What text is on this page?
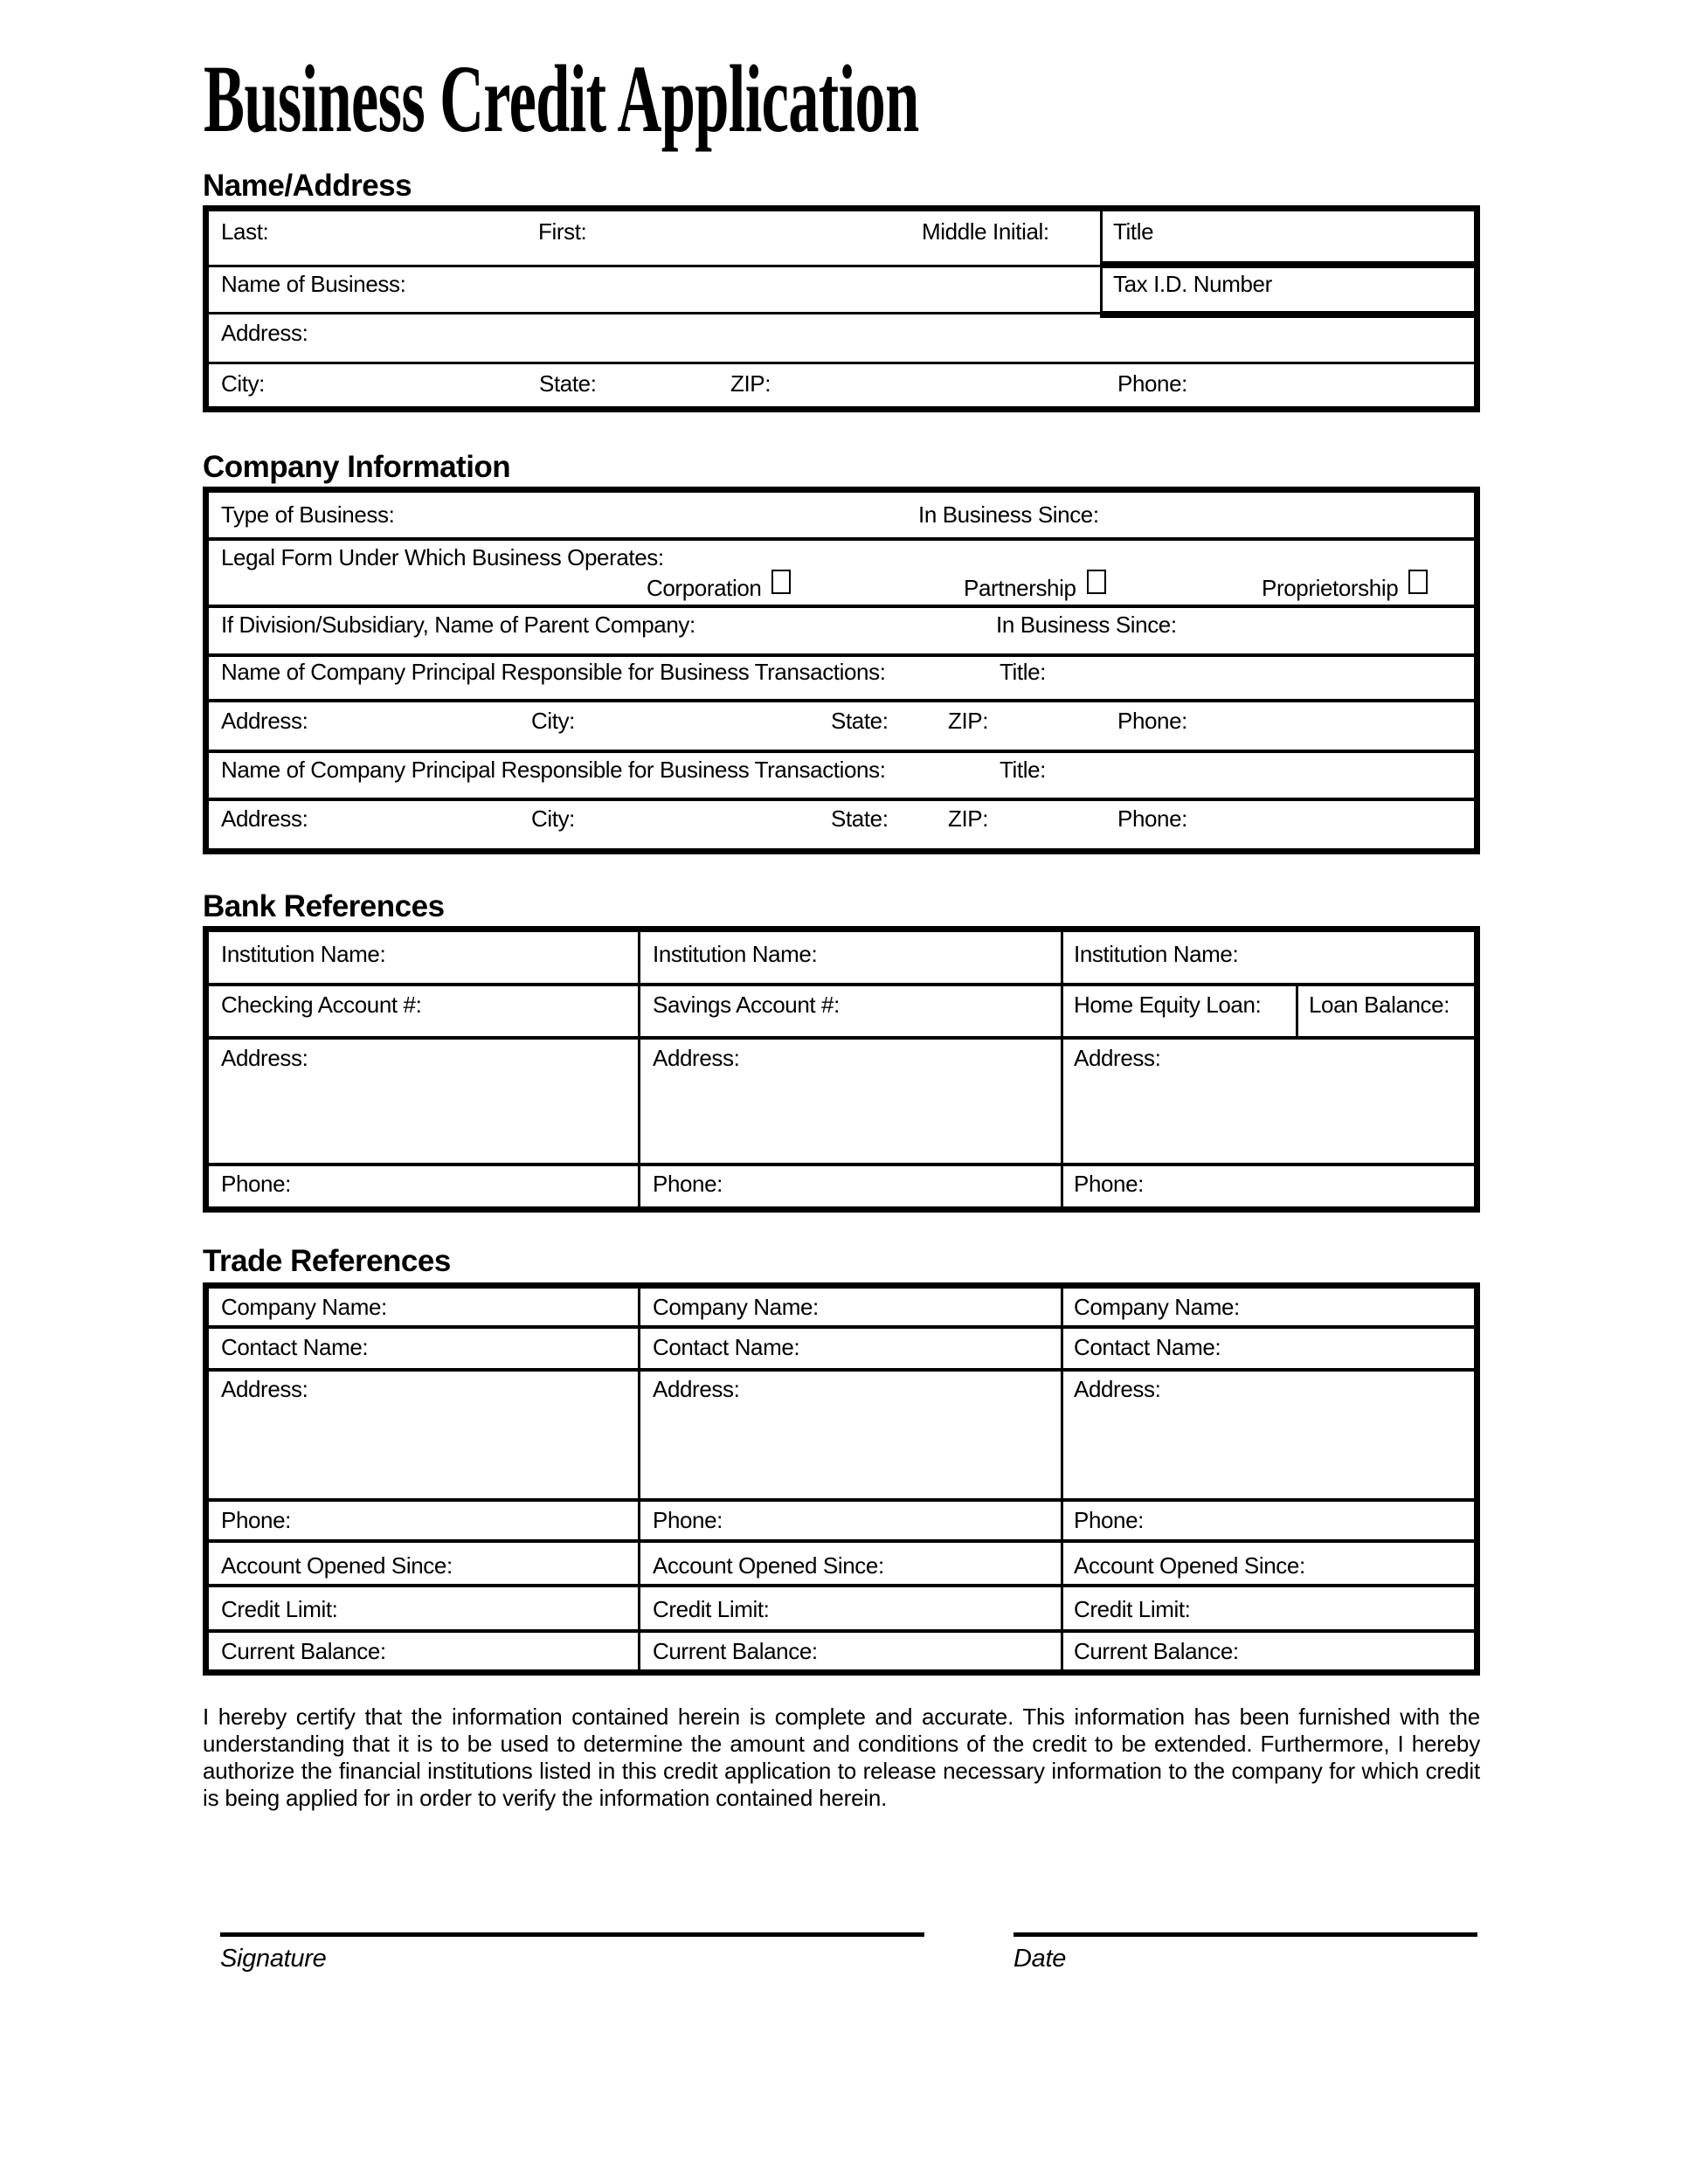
Business Credit Application
Name/Address
Last:	First:	Middle Initial:	Title
Name of Business:	Tax I.D. Number
Address:
City:	State:	ZIP:	Phone:
Company Information
Type of Business:	In Business Since:
Legal Form Under Which Business Operates:
Corporation	Partnership	Proprietorship
If Division/Subsidiary, Name of Parent Company:	In Business Since:
Name of Company Principal Responsible for Business Transactions:	Title:
Address:	City:	State:	ZIP:	Phone:
Name of Company Principal Responsible for Business Transactions:	Title:
Address:	City:	State:	ZIP:	Phone:
Bank References
Institution Name:	Institution Name:	Institution Name:
Checking Account #:	Savings Account #:	Home Equity Loan: Loan Balance:
Address:	Address:	Address:
Phone:	Phone:	Phone:
Trade References
Company Name:	Company Name:	Company Name:
Contact Name:	Contact Name:	Contact Name:
Address:	Address:	Address:
Phone:	Phone:	Phone:
Account Opened Since:	Account Opened Since:	Account Opened Since:
Credit Limit:	Credit Limit:	Credit Limit:
Current Balance:	Current Balance:	Current Balance:
I hereby certify that the information contained herein is complete and accurate. This information has been furnished with the understanding that it is to be used to determine the amount and conditions of the credit to be extended. Furthermore, I hereby authorize the financial institutions listed in this credit application to release necessary information to the company for which credit is being applied for in order to verify the information contained herein.
Signature	Date
